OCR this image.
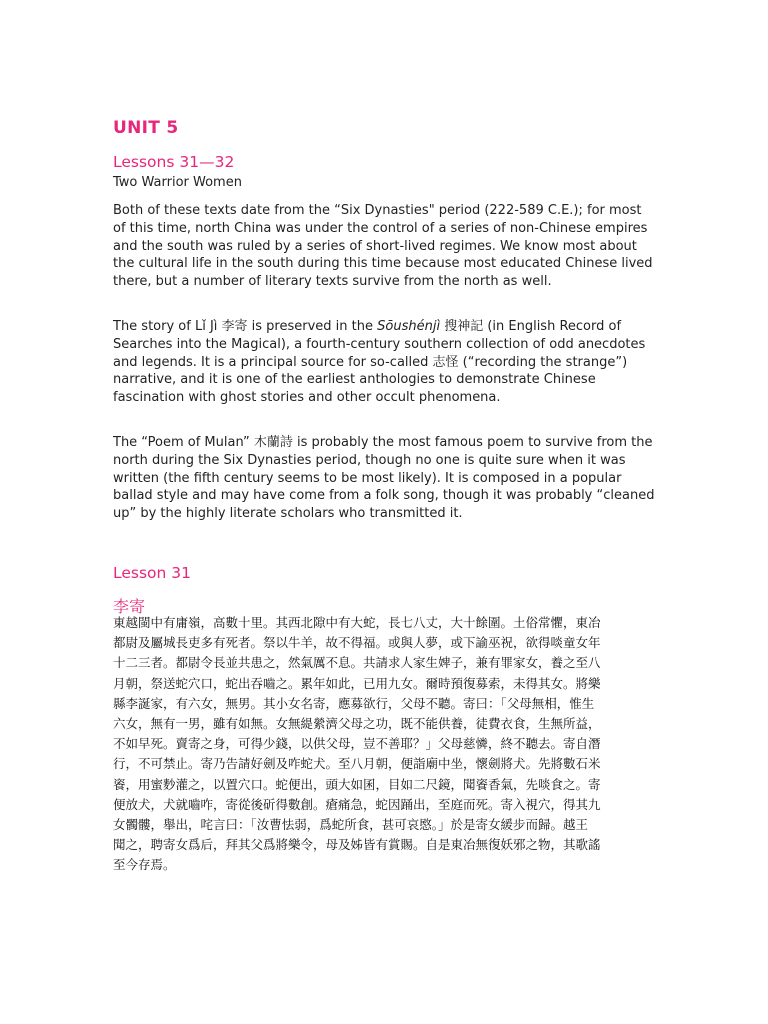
UNIT 5
Lessons 31—32
Two Warrior Women

Both of these texts date from the “Six Dynasties" period (222-589 C.E.); for most of this time, north China was under the control of a series of non-Chinese empires and the south was ruled by a series of short-lived regimes. We know most about the cultural life in the south during this time because most educated Chinese lived there, but a number of literary texts survive from the north as well.

The story of Lǐ Jì 李寄 is preserved in the Sōushénjì 搜神記 (in English Record of Searches into the Magical), a fourth-century southern collection of odd anecdotes and legends. It is a principal source for so-called 志怪 (“recording the strange”) narrative, and it is one of the earliest anthologies to demonstrate Chinese fascination with ghost stories and other occult phenomena.

The “Poem of Mulan” 木蘭詩 is probably the most famous poem to survive from the north during the Six Dynasties period, though no one is quite sure when it was written (the fifth century seems to be most likely). It is composed in a popular ballad style and may have come from a folk song, though it was probably “cleaned up” by the highly literate scholars who transmitted it.

Lesson 31
李寄
東越閩中有庸嶺，高數十里。其西北隙中有大蛇，長七八丈，大十餘圍。土俗常懼，東冶
都尉及屬城長吏多有死者。祭以牛羊，故不得福。或與人夢，或下諭巫祝，欲得啖童女年
十二三者。都尉令長並共患之，然氣厲不息。共請求人家生婢子，兼有罪家女，養之至八
月朝，祭送蛇穴口，蛇出吞嚙之。累年如此，已用九女。爾時預復募索，未得其女。將樂
縣李誕家，有六女，無男。其小女名寄，應募欲行，父母不聽。寄曰：「父母無相，惟生
六女，無有一男，雖有如無。女無緹縈濟父母之功，既不能供養，徒費衣食，生無所益，
不如早死。賣寄之身，可得少錢，以供父母，豈不善耶？」父母慈憐，終不聽去。寄自潛
行，不可禁止。寄乃告請好劍及咋蛇犬。至八月朝，便詣廟中坐，懷劍將犬。先將數石米
餈，用蜜麨灌之，以置穴口。蛇便出，頭大如囷，目如二尺鏡，聞餈香氣，先啖食之。寄
便放犬，犬就嚙咋，寄從後斫得數創。瘡痛急，蛇因踊出，至庭而死。寄入視穴，得其九
女髑髏，舉出，咤言曰：「汝曹怯弱，爲蛇所食，甚可哀愍。」於是寄女緩步而歸。越王
聞之，聘寄女爲后，拜其父爲將樂令，母及姊皆有賞賜。自是東冶無復妖邪之物，其歌謠
至今存焉。
